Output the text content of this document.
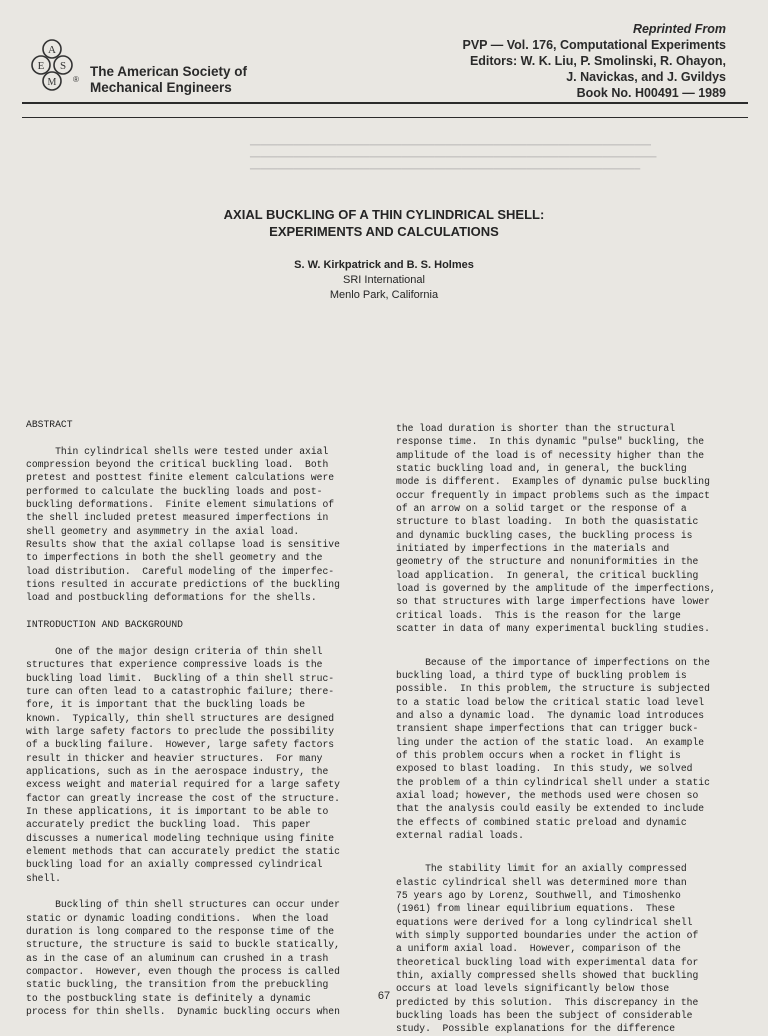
A
E S
M ®
The American Society of
Mechanical Engineers
Reprinted From
PVP — Vol. 176, Computational Experiments
Editors: W. K. Liu, P. Smolinski, R. Ohayon,
J. Navickas, and J. Gvildys
Book No. H00491 — 1989

━━━━━━━━━━━━━━━━━━━━━━━━━━━━━━━━━━━━━━━━━━━━━━━━━━━━━━━━━━━━━━━━━━━━━━━━━━
━━━━━━━━━━━━━━━━━━━━━━━━━━━━━━━━━━━━━━━━━━━━━━━━━━━━━━━━━━━━━━━━━━━━━━━━━━━
━━━━━━━━━━━━━━━━━━━━━━━━━━━━━━━━━━━━━━━━━━━━━━━━━━━━━━━━━━━━━━━━━━━━━━━━
AXIAL BUCKLING OF A THIN CYLINDRICAL SHELL:
EXPERIMENTS AND CALCULATIONS
S. W. Kirkpatrick and B. S. Holmes
SRI International
Menlo Park, California
ABSTRACT
Thin cylindrical shells were tested under axial
compression beyond the critical buckling load.  Both
pretest and posttest finite element calculations were
performed to calculate the buckling loads and post-
buckling deformations.  Finite element simulations of
the shell included pretest measured imperfections in
shell geometry and asymmetry in the axial load.
Results show that the axial collapse load is sensitive
to imperfections in both the shell geometry and the
load distribution.  Careful modeling of the imperfec-
tions resulted in accurate predictions of the buckling
load and postbuckling deformations for the shells.
INTRODUCTION AND BACKGROUND
One of the major design criteria of thin shell
structures that experience compressive loads is the
buckling load limit.  Buckling of a thin shell struc-
ture can often lead to a catastrophic failure; there-
fore, it is important that the buckling loads be
known.  Typically, thin shell structures are designed
with large safety factors to preclude the possibility
of a buckling failure.  However, large safety factors
result in thicker and heavier structures.  For many
applications, such as in the aerospace industry, the
excess weight and material required for a large safety
factor can greatly increase the cost of the structure.
In these applications, it is important to be able to
accurately predict the buckling load.  This paper
discusses a numerical modeling technique using finite
element methods that can accurately predict the static
buckling load for an axially compressed cylindrical
shell.
Buckling of thin shell structures can occur under
static or dynamic loading conditions.  When the load
duration is long compared to the response time of the
structure, the structure is said to buckle statically,
as in the case of an aluminum can crushed in a trash
compactor.  However, even though the process is called
static buckling, the transition from the prebuckling
to the postbuckling state is definitely a dynamic
process for thin shells.  Dynamic buckling occurs when
the load duration is shorter than the structural
response time.  In this dynamic "pulse" buckling, the
amplitude of the load is of necessity higher than the
static buckling load and, in general, the buckling
mode is different.  Examples of dynamic pulse buckling
occur frequently in impact problems such as the impact
of an arrow on a solid target or the response of a
structure to blast loading.  In both the quasistatic
and dynamic buckling cases, the buckling process is
initiated by imperfections in the materials and
geometry of the structure and nonuniformities in the
load application.  In general, the critical buckling
load is governed by the amplitude of the imperfections,
so that structures with large imperfections have lower
critical loads.  This is the reason for the large
scatter in data of many experimental buckling studies.
Because of the importance of imperfections on the
buckling load, a third type of buckling problem is
possible.  In this problem, the structure is subjected
to a static load below the critical static load level
and also a dynamic load.  The dynamic load introduces
transient shape imperfections that can trigger buck-
ling under the action of the static load.  An example
of this problem occurs when a rocket in flight is
exposed to blast loading.  In this study, we solved
the problem of a thin cylindrical shell under a static
axial load; however, the methods used were chosen so
that the analysis could easily be extended to include
the effects of combined static preload and dynamic
external radial loads.
The stability limit for an axially compressed
elastic cylindrical shell was determined more than
75 years ago by Lorenz, Southwell, and Timoshenko
(1961) from linear equilibrium equations.  These
equations were derived for a long cylindrical shell
with simply supported boundaries under the action of
a uniform axial load.  However, comparison of the
theoretical buckling load with experimental data for
thin, axially compressed shells showed that buckling
occurs at load levels significantly below those
predicted by this solution.  This discrepancy in the
buckling loads has been the subject of considerable
study.  Possible explanations for the difference
67
